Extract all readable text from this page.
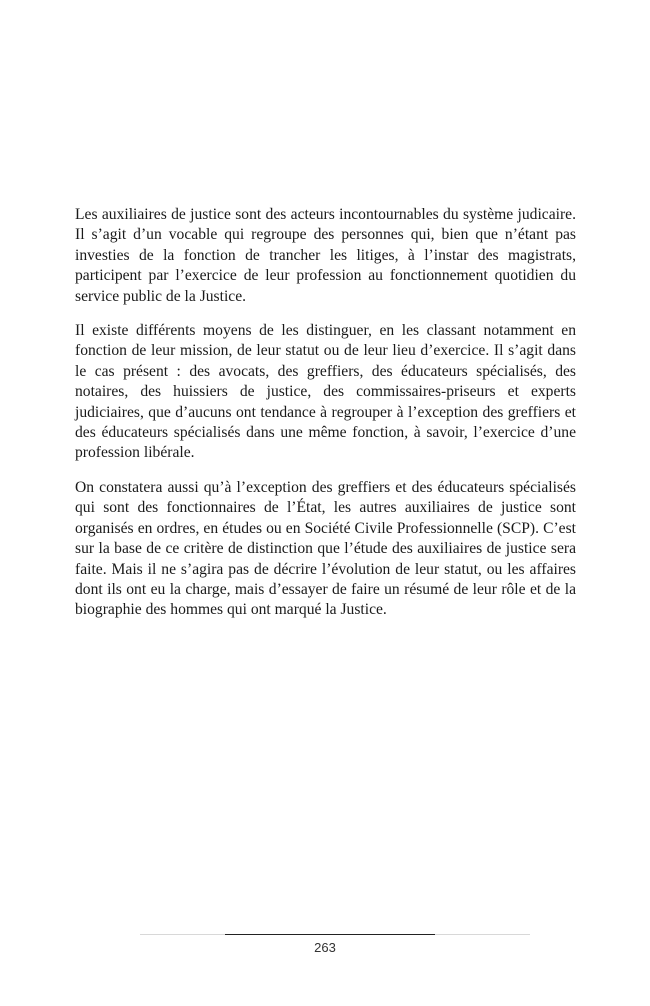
Les auxiliaires de justice sont des acteurs incontournables du système judicaire. Il s’agit d’un vocable qui regroupe des personnes qui, bien que n’étant pas investies de la fonction de trancher les litiges, à l’instar des magistrats, participent par l’exercice de leur profession au fonctionnement quotidien du service public de la Justice.

Il existe différents moyens de les distinguer, en les classant notamment en fonction de leur mission, de leur statut ou de leur lieu d’exercice. Il s’agit dans le cas présent : des avocats, des greffiers, des éducateurs spécialisés, des notaires, des huissiers de justice, des commissaires-priseurs et experts judiciaires, que d’aucuns ont tendance à regrouper à l’exception des greffiers et des éducateurs spécialisés dans une même fonction, à savoir, l’exercice d’une profession libérale.

On constatera aussi qu’à l’exception des greffiers et des éducateurs spécialisés qui sont des fonctionnaires de l’État, les autres auxiliaires de justice sont organisés en ordres, en études ou en Société Civile Professionnelle (SCP). C’est sur la base de ce critère de distinction que l’étude des auxiliaires de justice sera faite. Mais il ne s’agira pas de décrire l’évolution de leur statut, ou les affaires dont ils ont eu la charge, mais d’essayer de faire un résumé de leur rôle et de la biographie des hommes qui ont marqué la Justice.

263
